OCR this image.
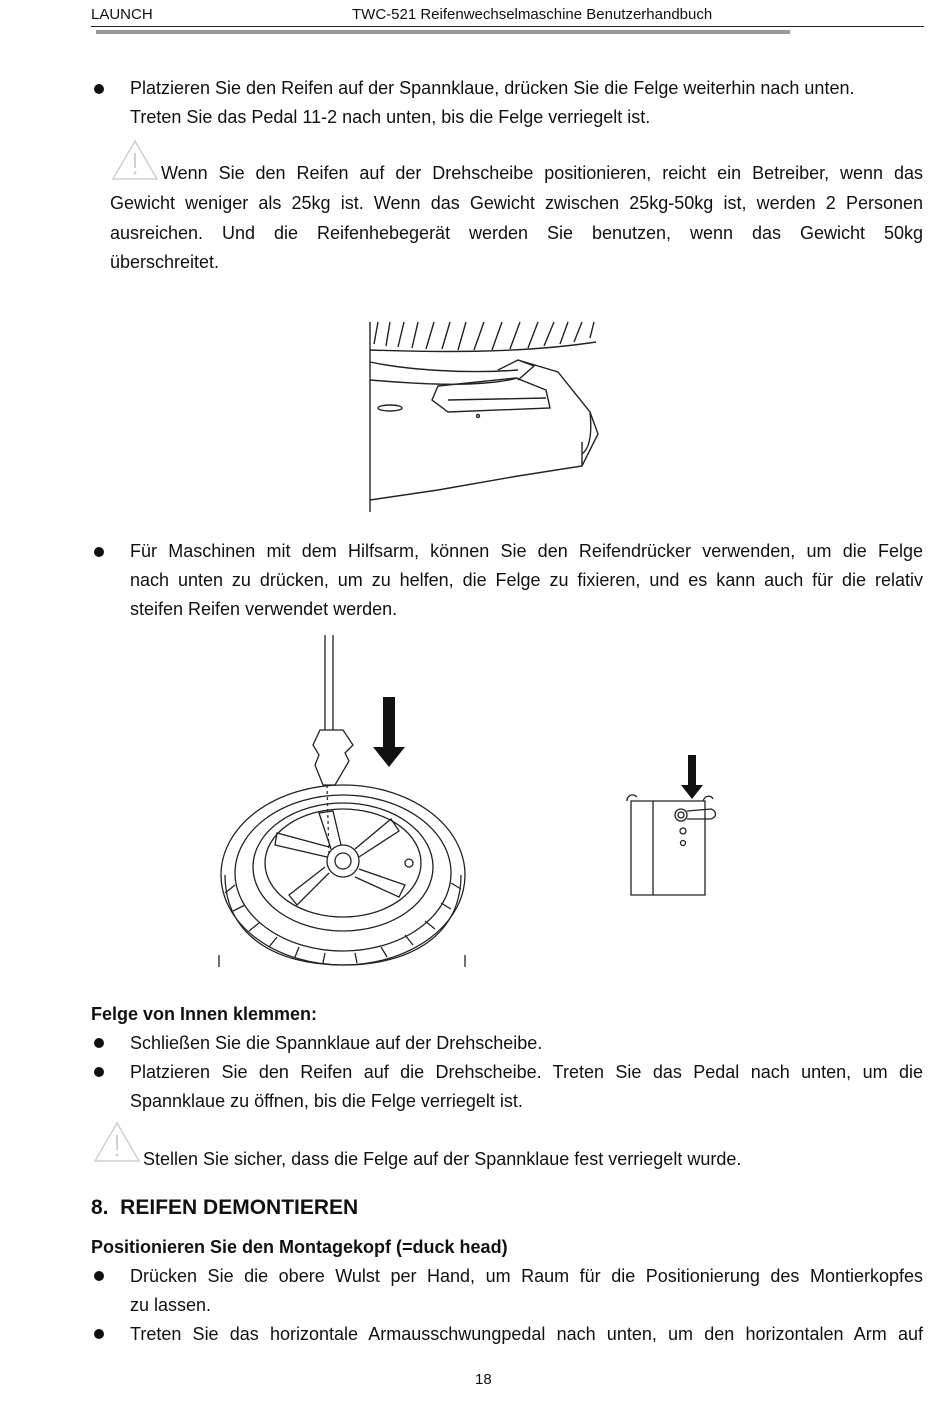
LAUNCH	TWC-521 Reifenwechselmaschine Benutzerhandbuch
Platzieren Sie den Reifen auf der Spannklaue, drücken Sie die Felge weiterhin nach unten.
Treten Sie das Pedal 11-2 nach unten, bis die Felge verriegelt ist.
Wenn Sie den Reifen auf der Drehscheibe positionieren, reicht ein Betreiber, wenn das
Gewicht weniger als 25kg ist. Wenn das Gewicht zwischen 25kg-50kg ist, werden 2 Personen
ausreichen. Und die Reifenhebegerät werden Sie benutzen, wenn das Gewicht 50kg
überschreitet.
Für Maschinen mit dem Hilfsarm, können Sie den Reifendrücker verwenden, um die Felge
nach unten zu drücken, um zu helfen, die Felge zu fixieren, und es kann auch für die relativ
steifen Reifen verwendet werden.
Felge von Innen klemmen:
Schließen Sie die Spannklaue auf der Drehscheibe.
Platzieren Sie den Reifen auf die Drehscheibe. Treten Sie das Pedal nach unten, um die
Spannklaue zu öffnen, bis die Felge verriegelt ist.
Stellen Sie sicher, dass die Felge auf der Spannklaue fest verriegelt wurde.
8.  REIFEN DEMONTIEREN
Positionieren Sie den Montagekopf (=duck head)
Drücken Sie die obere Wulst per Hand, um Raum für die Positionierung des Montierkopfes
zu lassen.
Treten Sie das horizontale Armausschwungpedal nach unten, um den horizontalen Arm auf
18
